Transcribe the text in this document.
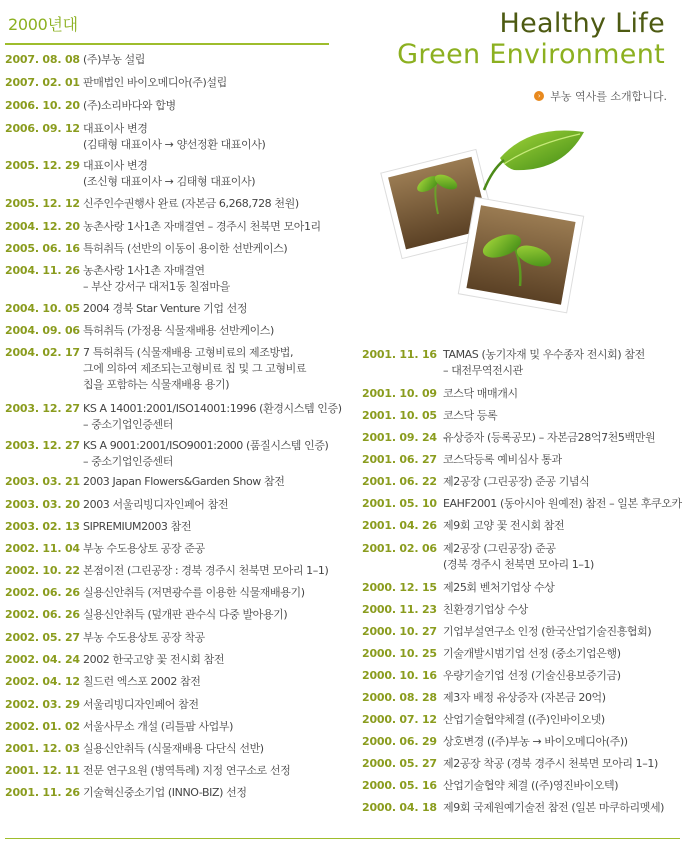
2000년대	Healthy Life
Green Environment
› 부농 역사를 소개합니다.
2007. 08. 08 (주)부농 설립
2007. 02. 01 판매법인 바이오메디아(주)설립
2006. 10. 20 (주)소리바다와 합병
2006. 09. 12 대표이사 변경
(김태형 대표이사 → 양선정환 대표이사)
2005. 12. 29 대표이사 변경
(조신형 대표이사 → 김태형 대표이사)
2005. 12. 12 신주인수권행사 완료 (자본금 6,268,728 천원)
2004. 12. 20 농촌사랑 1사1촌 자매결연 – 경주시 천북면 모아1리
2005. 06. 16 특허취득 (선반의 이동이 용이한 선반케이스)
2004. 11. 26 농촌사랑 1사1촌 자매결연
– 부산 강서구 대저1동 칠점마을
2004. 10. 05 2004 경북 Star Venture 기업 선정
2004. 09. 06 특허취득 (가정용 식물재배용 선반케이스)
2004. 02. 17 7 특허취득 (식물재배용 고형비료의 제조방법,
그에 의하여 제조되는고형비료 칩 및 그 고형비료
칩을 포함하는 식물재배용 용기)
2003. 12. 27 KS A 14001:2001/ISO14001:1996 (환경시스템 인증)
– 중소기업인증센터
2003. 12. 27 KS A 9001:2001/ISO9001:2000 (품질시스템 인증)
– 중소기업인증센터
2003. 03. 21 2003 Japan Flowers&Garden Show 참전
2003. 03. 20 2003 서울리빙디자인페어 참전
2003. 02. 13 SIPREMIUM2003 참전
2002. 11. 04 부농 수도용상토 공장 준공
2002. 10. 22 본점이전 (그린공장 : 경북 경주시 천북면 모아리 1–1)
2002. 06. 26 실용신안취득 (저면광수를 이용한 식물재배용기)
2002. 06. 26 실용신안취득 (덮개판 관수식 다중 발아용기)
2002. 05. 27 부농 수도용상토 공장 착공
2002. 04. 24 2002 한국고양 꽃 전시회 참전
2002. 04. 12 칠드런 엑스포 2002 참전
2002. 03. 29 서울리빙디자인페어 참전
2002. 01. 02 서울사무소 개설 (리틀팜 사업부)
2001. 12. 03 실용신안취득 (식물재배용 다단식 선반)
2001. 12. 11 전문 연구요원 (병역특례) 지정 연구소로 선정
2001. 11. 26 기술혁신중소기업 (INNO-BIZ) 선정
2001. 11. 16 TAMAS (농기자재 및 우수종자 전시회) 참전
– 대전무역전시관
2001. 10. 09 코스닥 매매개시
2001. 10. 05 코스닥 등록
2001. 09. 24 유상증자 (등록공모) – 자본금28억7천5백만원
2001. 06. 27 코스닥등록 예비심사 통과
2001. 06. 22 제2공장 (그린공장) 준공 기념식
2001. 05. 10 EAHF2001 (동아시아 원예전) 참전 – 일본 후쿠오카
2001. 04. 26 제9회 고양 꽃 전시회 참전
2001. 02. 06 제2공장 (그린공장) 준공
(경북 경주시 천북면 모아리 1–1)
2000. 12. 15 제25회 벤처기업상 수상
2000. 11. 23 친환경기업상 수상
2000. 10. 27 기업부설연구소 인정 (한국산업기술진흥협회)
2000. 10. 25 기술개발시범기업 선정 (중소기업은행)
2000. 10. 16 우량기술기업 선정 (기술신용보증기금)
2000. 08. 28 제3자 배정 유상증자 (자본금 20억)
2000. 07. 12 산업기술협약체결 ((주)인바이오넷)
2000. 06. 29 상호변경 ((주)부농 → 바이오메디아(주))
2000. 05. 27 제2공장 착공 (경북 경주시 천북면 모아리 1–1)
2000. 05. 16 산업기술협약 체결 ((주)영진바이오텍)
2000. 04. 18 제9회 국제원예기술전 참전 (일본 마쿠하리멧세)
